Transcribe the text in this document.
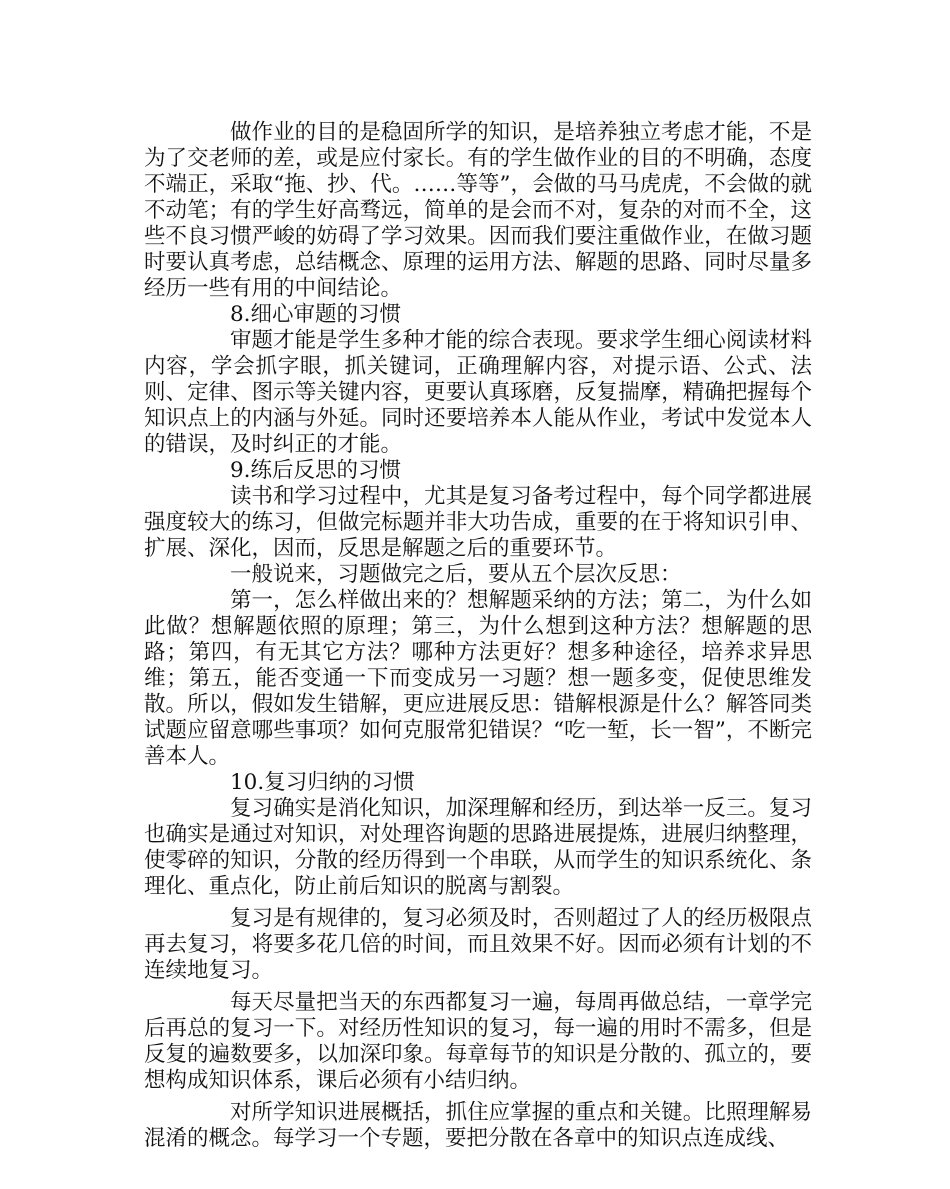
做作业的目的是稳固所学的知识，是培养独立考虑才能，不是为了交老师的差，或是应付家长。有的学生做作业的目的不明确，态度不端正，采取“拖、抄、代。……等等”，会做的马马虎虎，不会做的就不动笔；有的学生好高骛远，简单的是会而不对，复杂的对而不全，这些不良习惯严峻的妨碍了学习效果。因而我们要注重做作业，在做习题时要认真考虑，总结概念、原理的运用方法、解题的思路、同时尽量多经历一些有用的中间结论。

8.细心审题的习惯

审题才能是学生多种才能的综合表现。要求学生细心阅读材料内容，学会抓字眼，抓关键词，正确理解内容，对提示语、公式、法则、定律、图示等关键内容，更要认真琢磨，反复揣摩，精确把握每个知识点上的内涵与外延。同时还要培养本人能从作业，考试中发觉本人的错误，及时纠正的才能。

9.练后反思的习惯

读书和学习过程中，尤其是复习备考过程中，每个同学都进展强度较大的练习，但做完标题并非大功告成，重要的在于将知识引申、扩展、深化，因而，反思是解题之后的重要环节。

一般说来，习题做完之后，要从五个层次反思：

第一，怎么样做出来的？想解题采纳的方法；第二，为什么如此做？想解题依照的原理；第三，为什么想到这种方法？想解题的思路；第四，有无其它方法？哪种方法更好？想多种途径，培养求异思维；第五，能否变通一下而变成另一习题？想一题多变，促使思维发散。所以，假如发生错解，更应进展反思：错解根源是什么？解答同类试题应留意哪些事项？如何克服常犯错误？“吃一堑，长一智”，不断完善本人。

10.复习归纳的习惯

复习确实是消化知识，加深理解和经历，到达举一反三。复习也确实是通过对知识，对处理咨询题的思路进展提炼，进展归纳整理，使零碎的知识，分散的经历得到一个串联，从而学生的知识系统化、条理化、重点化，防止前后知识的脱离与割裂。

复习是有规律的，复习必须及时，否则超过了人的经历极限点再去复习，将要多花几倍的时间，而且效果不好。因而必须有计划的不连续地复习。

每天尽量把当天的东西都复习一遍，每周再做总结，一章学完后再总的复习一下。对经历性知识的复习，每一遍的用时不需多，但是反复的遍数要多，以加深印象。每章每节的知识是分散的、孤立的，要想构成知识体系，课后必须有小结归纳。

对所学知识进展概括，抓住应掌握的重点和关键。比照理解易混淆的概念。每学习一个专题，要把分散在各章中的知识点连成线、
